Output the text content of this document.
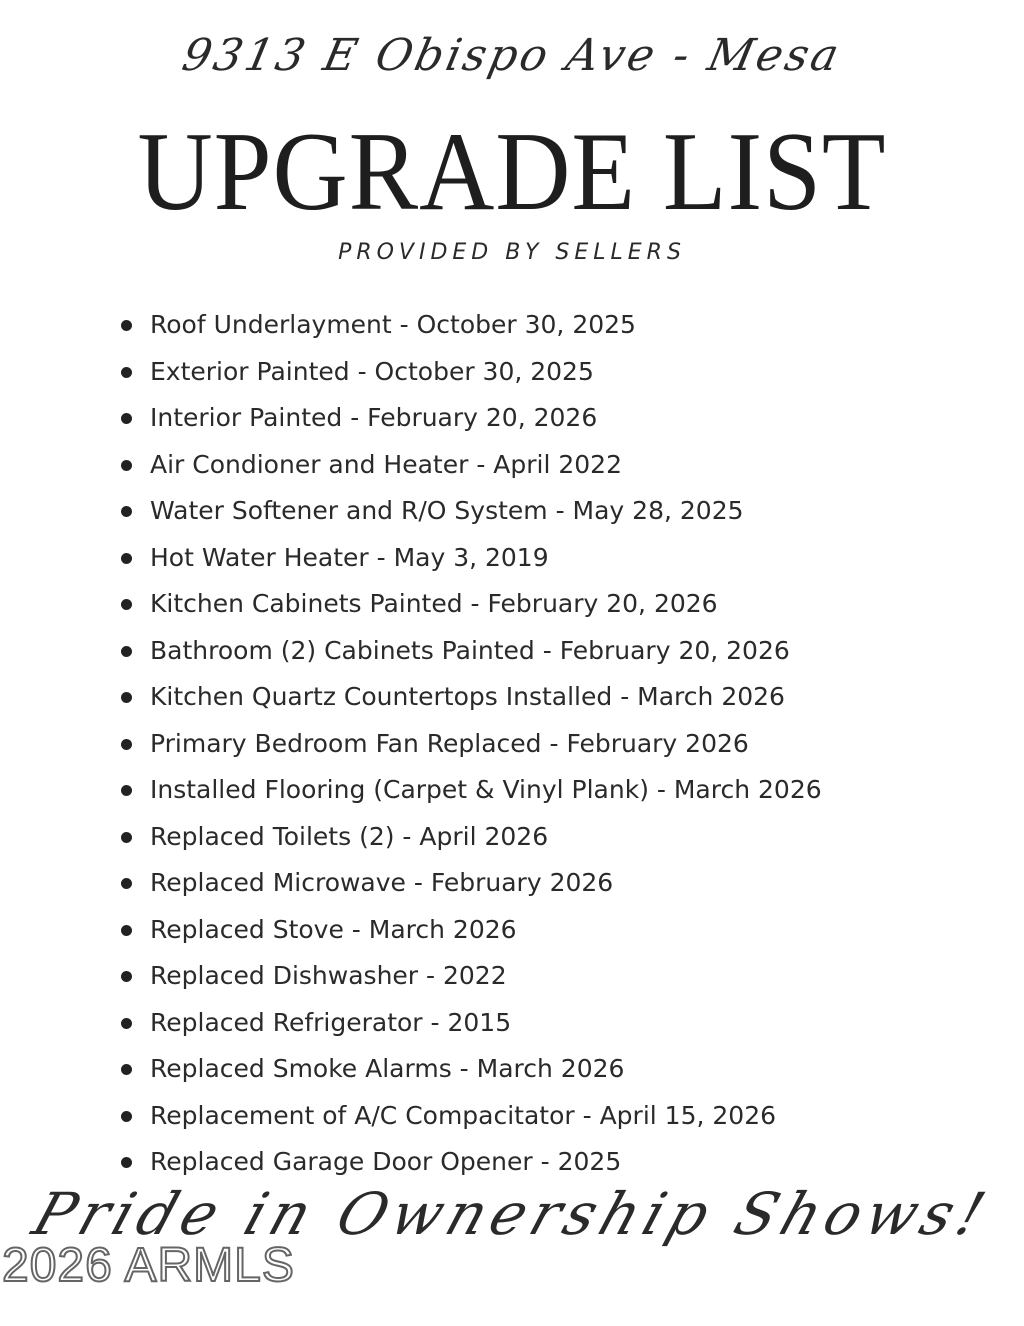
9313 E Obispo Ave - Mesa
UPGRADE LIST
PROVIDED BY SELLERS
Roof Underlayment - October 30, 2025
Exterior Painted - October 30, 2025
Interior Painted - February 20, 2026
Air Condioner and Heater - April 2022
Water Softener and R/O System - May 28, 2025
Hot Water Heater - May 3, 2019
Kitchen Cabinets Painted - February 20, 2026
Bathroom (2) Cabinets Painted - February 20, 2026
Kitchen Quartz Countertops Installed - March 2026
Primary Bedroom Fan Replaced - February 2026
Installed Flooring (Carpet & Vinyl Plank) - March 2026
Replaced Toilets (2) - April 2026
Replaced Microwave - February 2026
Replaced Stove - March 2026
Replaced Dishwasher - 2022
Replaced Refrigerator - 2015
Replaced Smoke Alarms - March 2026
Replacement of A/C Compacitator - April 15, 2026
Replaced Garage Door Opener - 2025
Pride in Ownership Shows!
2026 ARMLS
